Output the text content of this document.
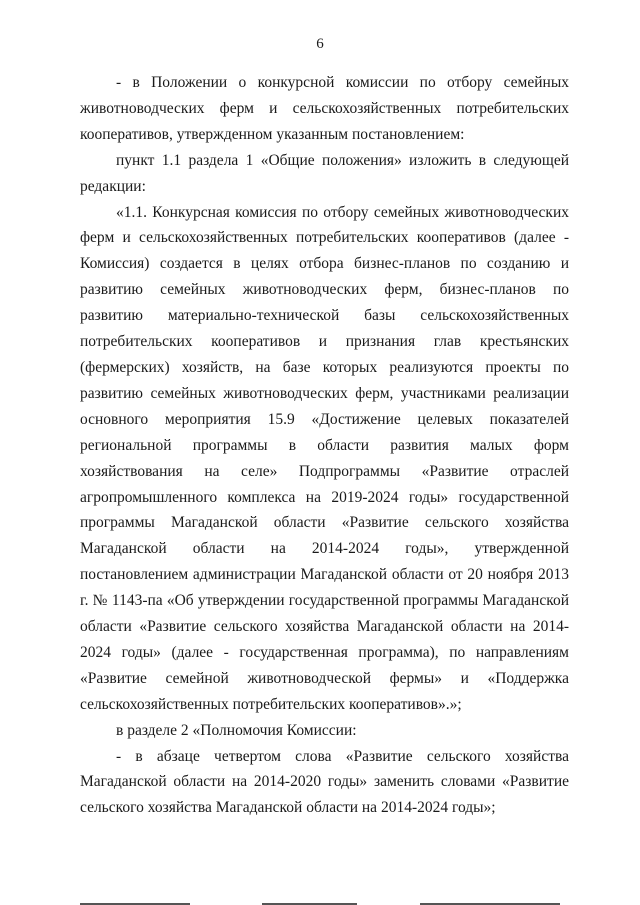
6

- в Положении о конкурсной комиссии по отбору семейных животноводческих ферм и сельскохозяйственных потребительских кооперативов, утвержденном указанным постановлением:

пункт 1.1 раздела 1 «Общие положения» изложить в следующей редакции:

«1.1. Конкурсная комиссия по отбору семейных животноводческих ферм и сельскохозяйственных потребительских кооперативов (далее - Комиссия) создается в целях отбора бизнес-планов по созданию и развитию семейных животноводческих ферм, бизнес-планов по развитию материально-технической базы сельскохозяйственных потребительских кооперативов и признания глав крестьянских (фермерских) хозяйств, на базе которых реализуются проекты по развитию семейных животноводческих ферм, участниками реализации основного мероприятия 15.9 «Достижение целевых показателей региональной программы в области развития малых форм хозяйствования на селе» Подпрограммы «Развитие отраслей агропромышленного комплекса на 2019-2024 годы» государственной программы Магаданской области «Развитие сельского хозяйства Магаданской области на 2014-2024 годы», утвержденной постановлением администрации Магаданской области от 20 ноября 2013 г. № 1143-па «Об утверждении государственной программы Магаданской области «Развитие сельского хозяйства Магаданской области на 2014-2024 годы» (далее - государственная программа), по направлениям «Развитие семейной животноводческой фермы» и «Поддержка сельскохозяйственных потребительских кооперативов».»;

в разделе 2 «Полномочия Комиссии:

- в абзаце четвертом слова «Развитие сельского хозяйства Магаданской области на 2014-2020 годы» заменить словами «Развитие сельского хозяйства Магаданской области на 2014-2024 годы»;
